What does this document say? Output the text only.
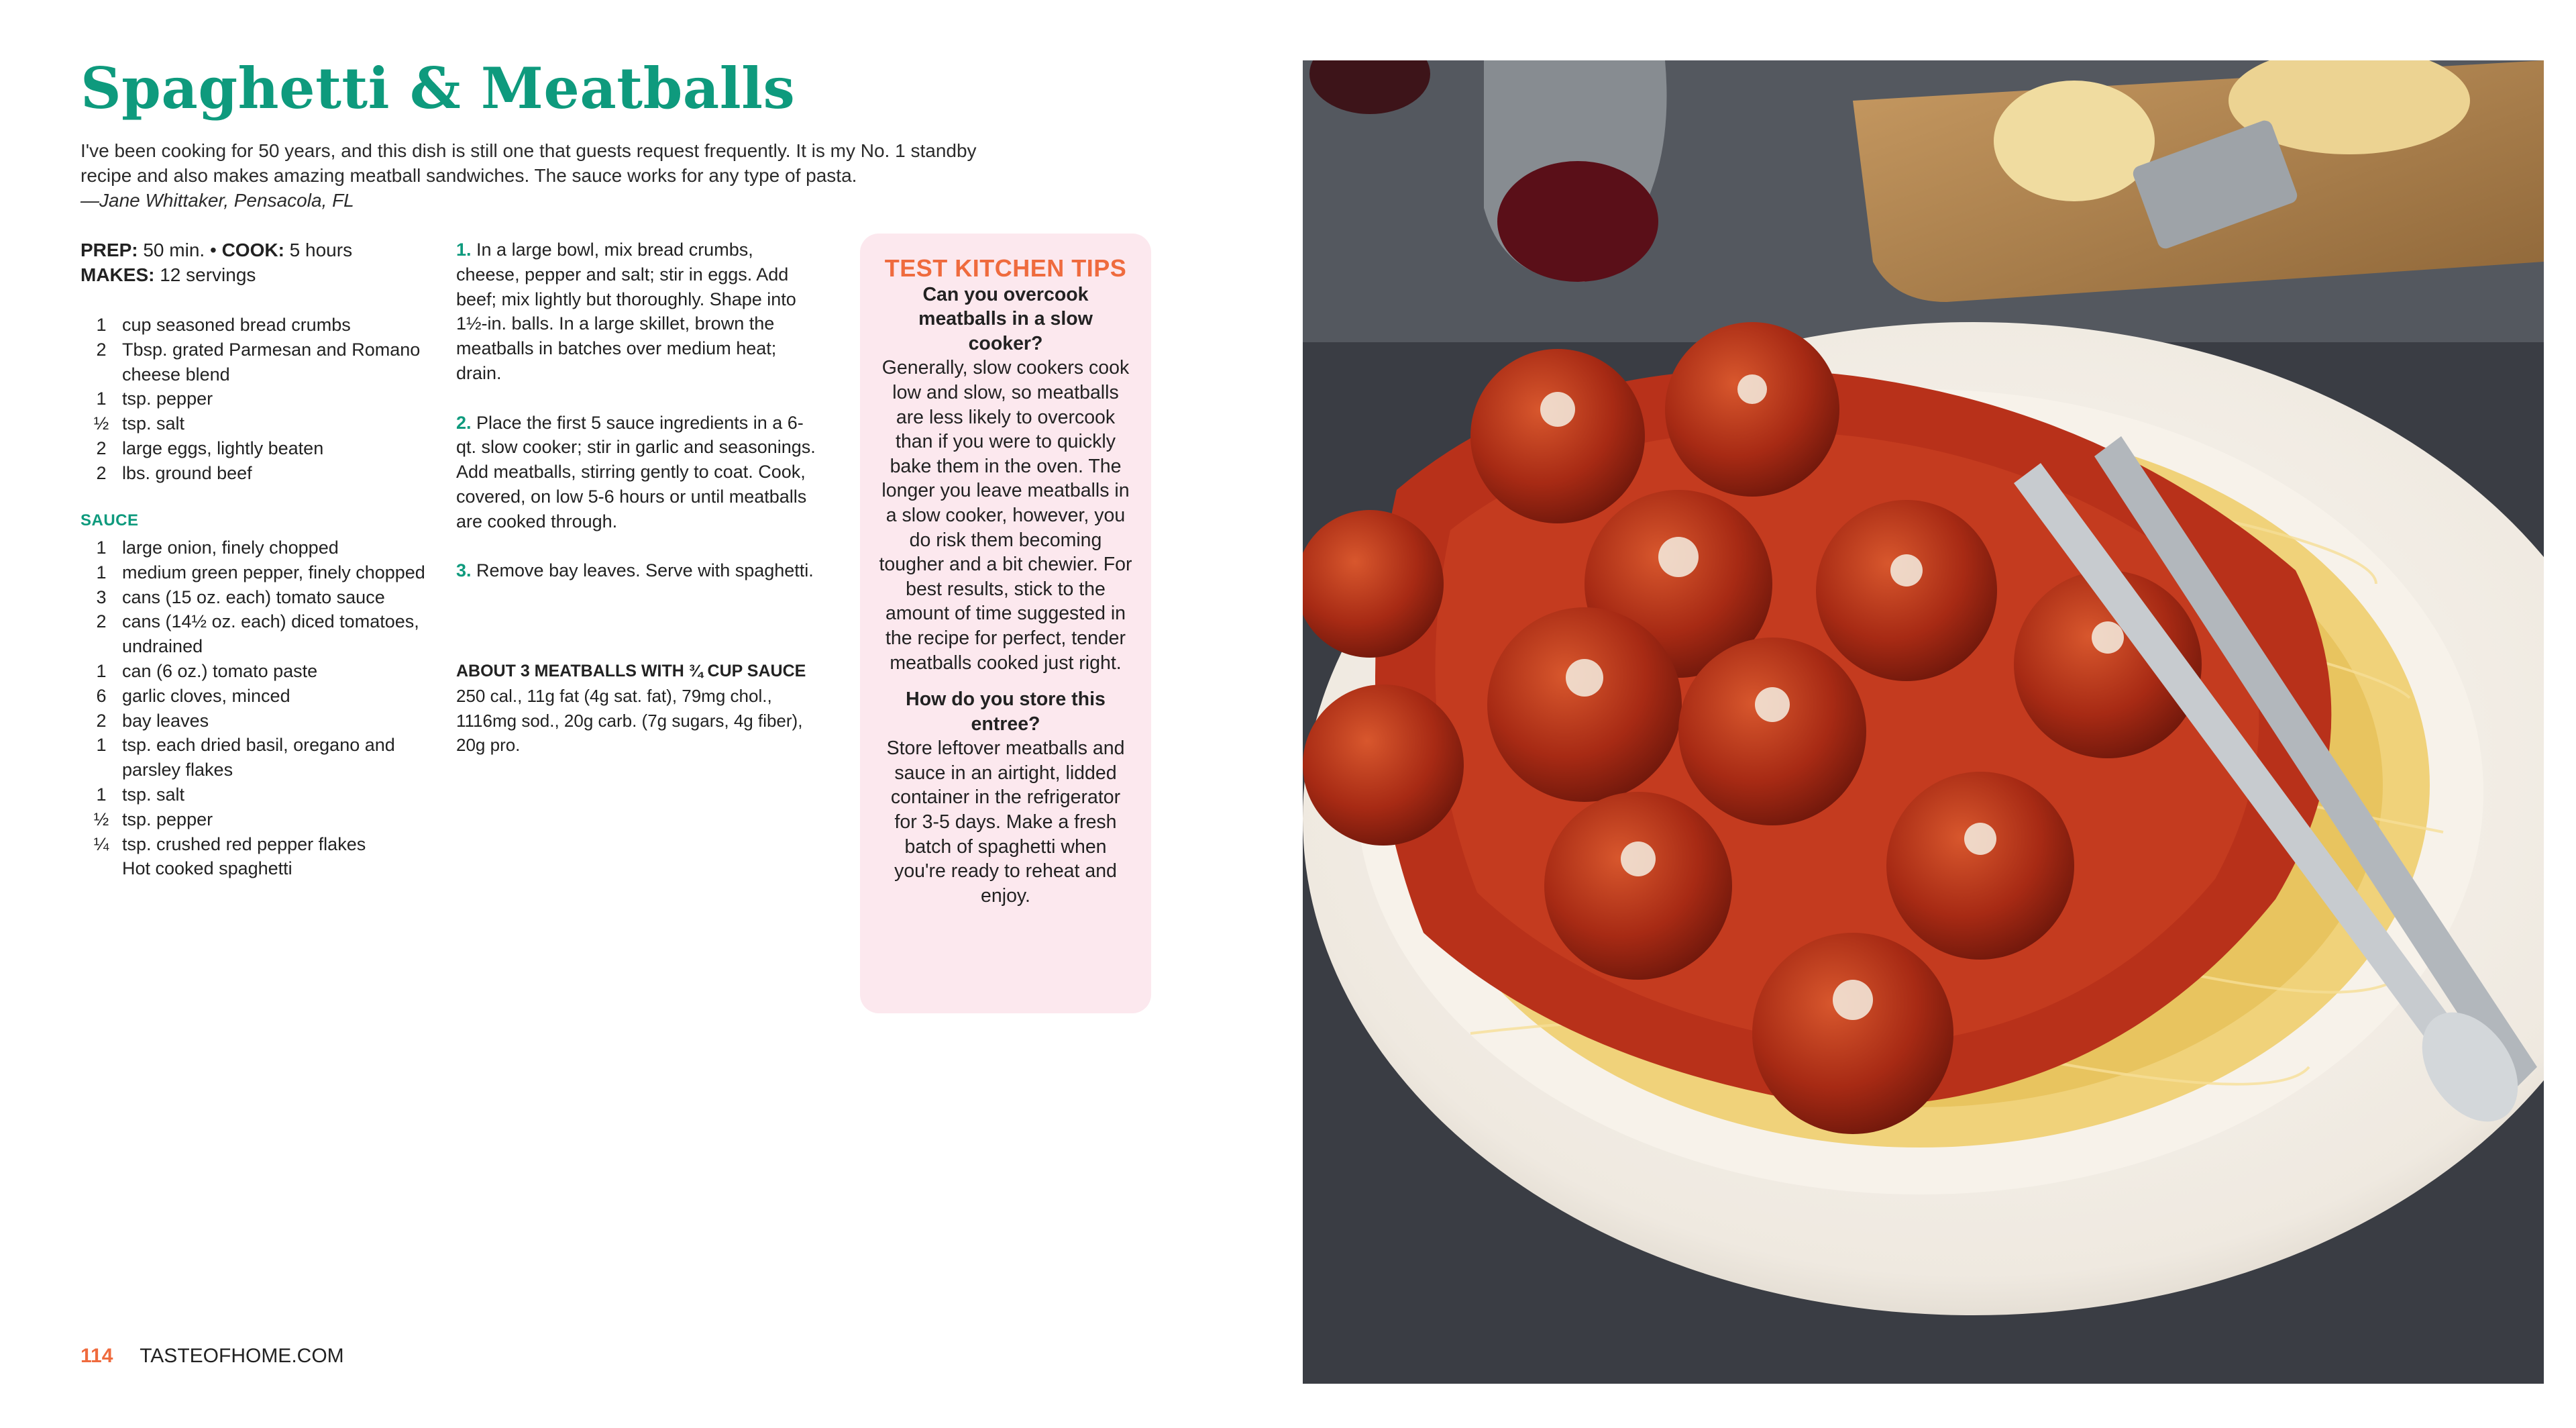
Spaghetti & Meatballs
I've been cooking for 50 years, and this dish is still one that guests request frequently. It is my No. 1 standby recipe and also makes amazing meatball sandwiches. The sauce works for any type of pasta.
—Jane Whittaker, Pensacola, FL
PREP: 50 min. • COOK: 5 hours
MAKES: 12 servings
1 cup seasoned bread crumbs
2 Tbsp. grated Parmesan and Romano cheese blend
1 tsp. pepper
½ tsp. salt
2 large eggs, lightly beaten
2 lbs. ground beef
SAUCE
1 large onion, finely chopped
1 medium green pepper, finely chopped
3 cans (15 oz. each) tomato sauce
2 cans (14½ oz. each) diced tomatoes, undrained
1 can (6 oz.) tomato paste
6 garlic cloves, minced
2 bay leaves
1 tsp. each dried basil, oregano and parsley flakes
1 tsp. salt
½ tsp. pepper
¼ tsp. crushed red pepper flakes
Hot cooked spaghetti

1. In a large bowl, mix bread crumbs, cheese, pepper and salt; stir in eggs. Add beef; mix lightly but thoroughly. Shape into 1½-in. balls. In a large skillet, brown the meatballs in batches over medium heat; drain.

2. Place the first 5 sauce ingredients in a 6-qt. slow cooker; stir in garlic and seasonings. Add meatballs, stirring gently to coat. Cook, covered, on low 5-6 hours or until meatballs are cooked through.

3. Remove bay leaves. Serve with spaghetti.

ABOUT 3 MEATBALLS WITH ¾ CUP SAUCE
250 cal., 11g fat (4g sat. fat), 79mg chol., 1116mg sod., 20g carb. (7g sugars, 4g fiber), 20g pro.
TEST KITCHEN TIPS
Can you overcook meatballs in a slow cooker?
Generally, slow cookers cook low and slow, so meatballs are less likely to overcook than if you were to quickly bake them in the oven. The longer you leave meatballs in a slow cooker, however, you do risk them becoming tougher and a bit chewier. For best results, stick to the amount of time suggested in the recipe for perfect, tender meatballs cooked just right.
How do you store this entree?
Store leftover meatballs and sauce in an airtight, lidded container in the refrigerator for 3-5 days. Make a fresh batch of spaghetti when you're ready to reheat and enjoy.
114 TASTEOFHOME.COM
